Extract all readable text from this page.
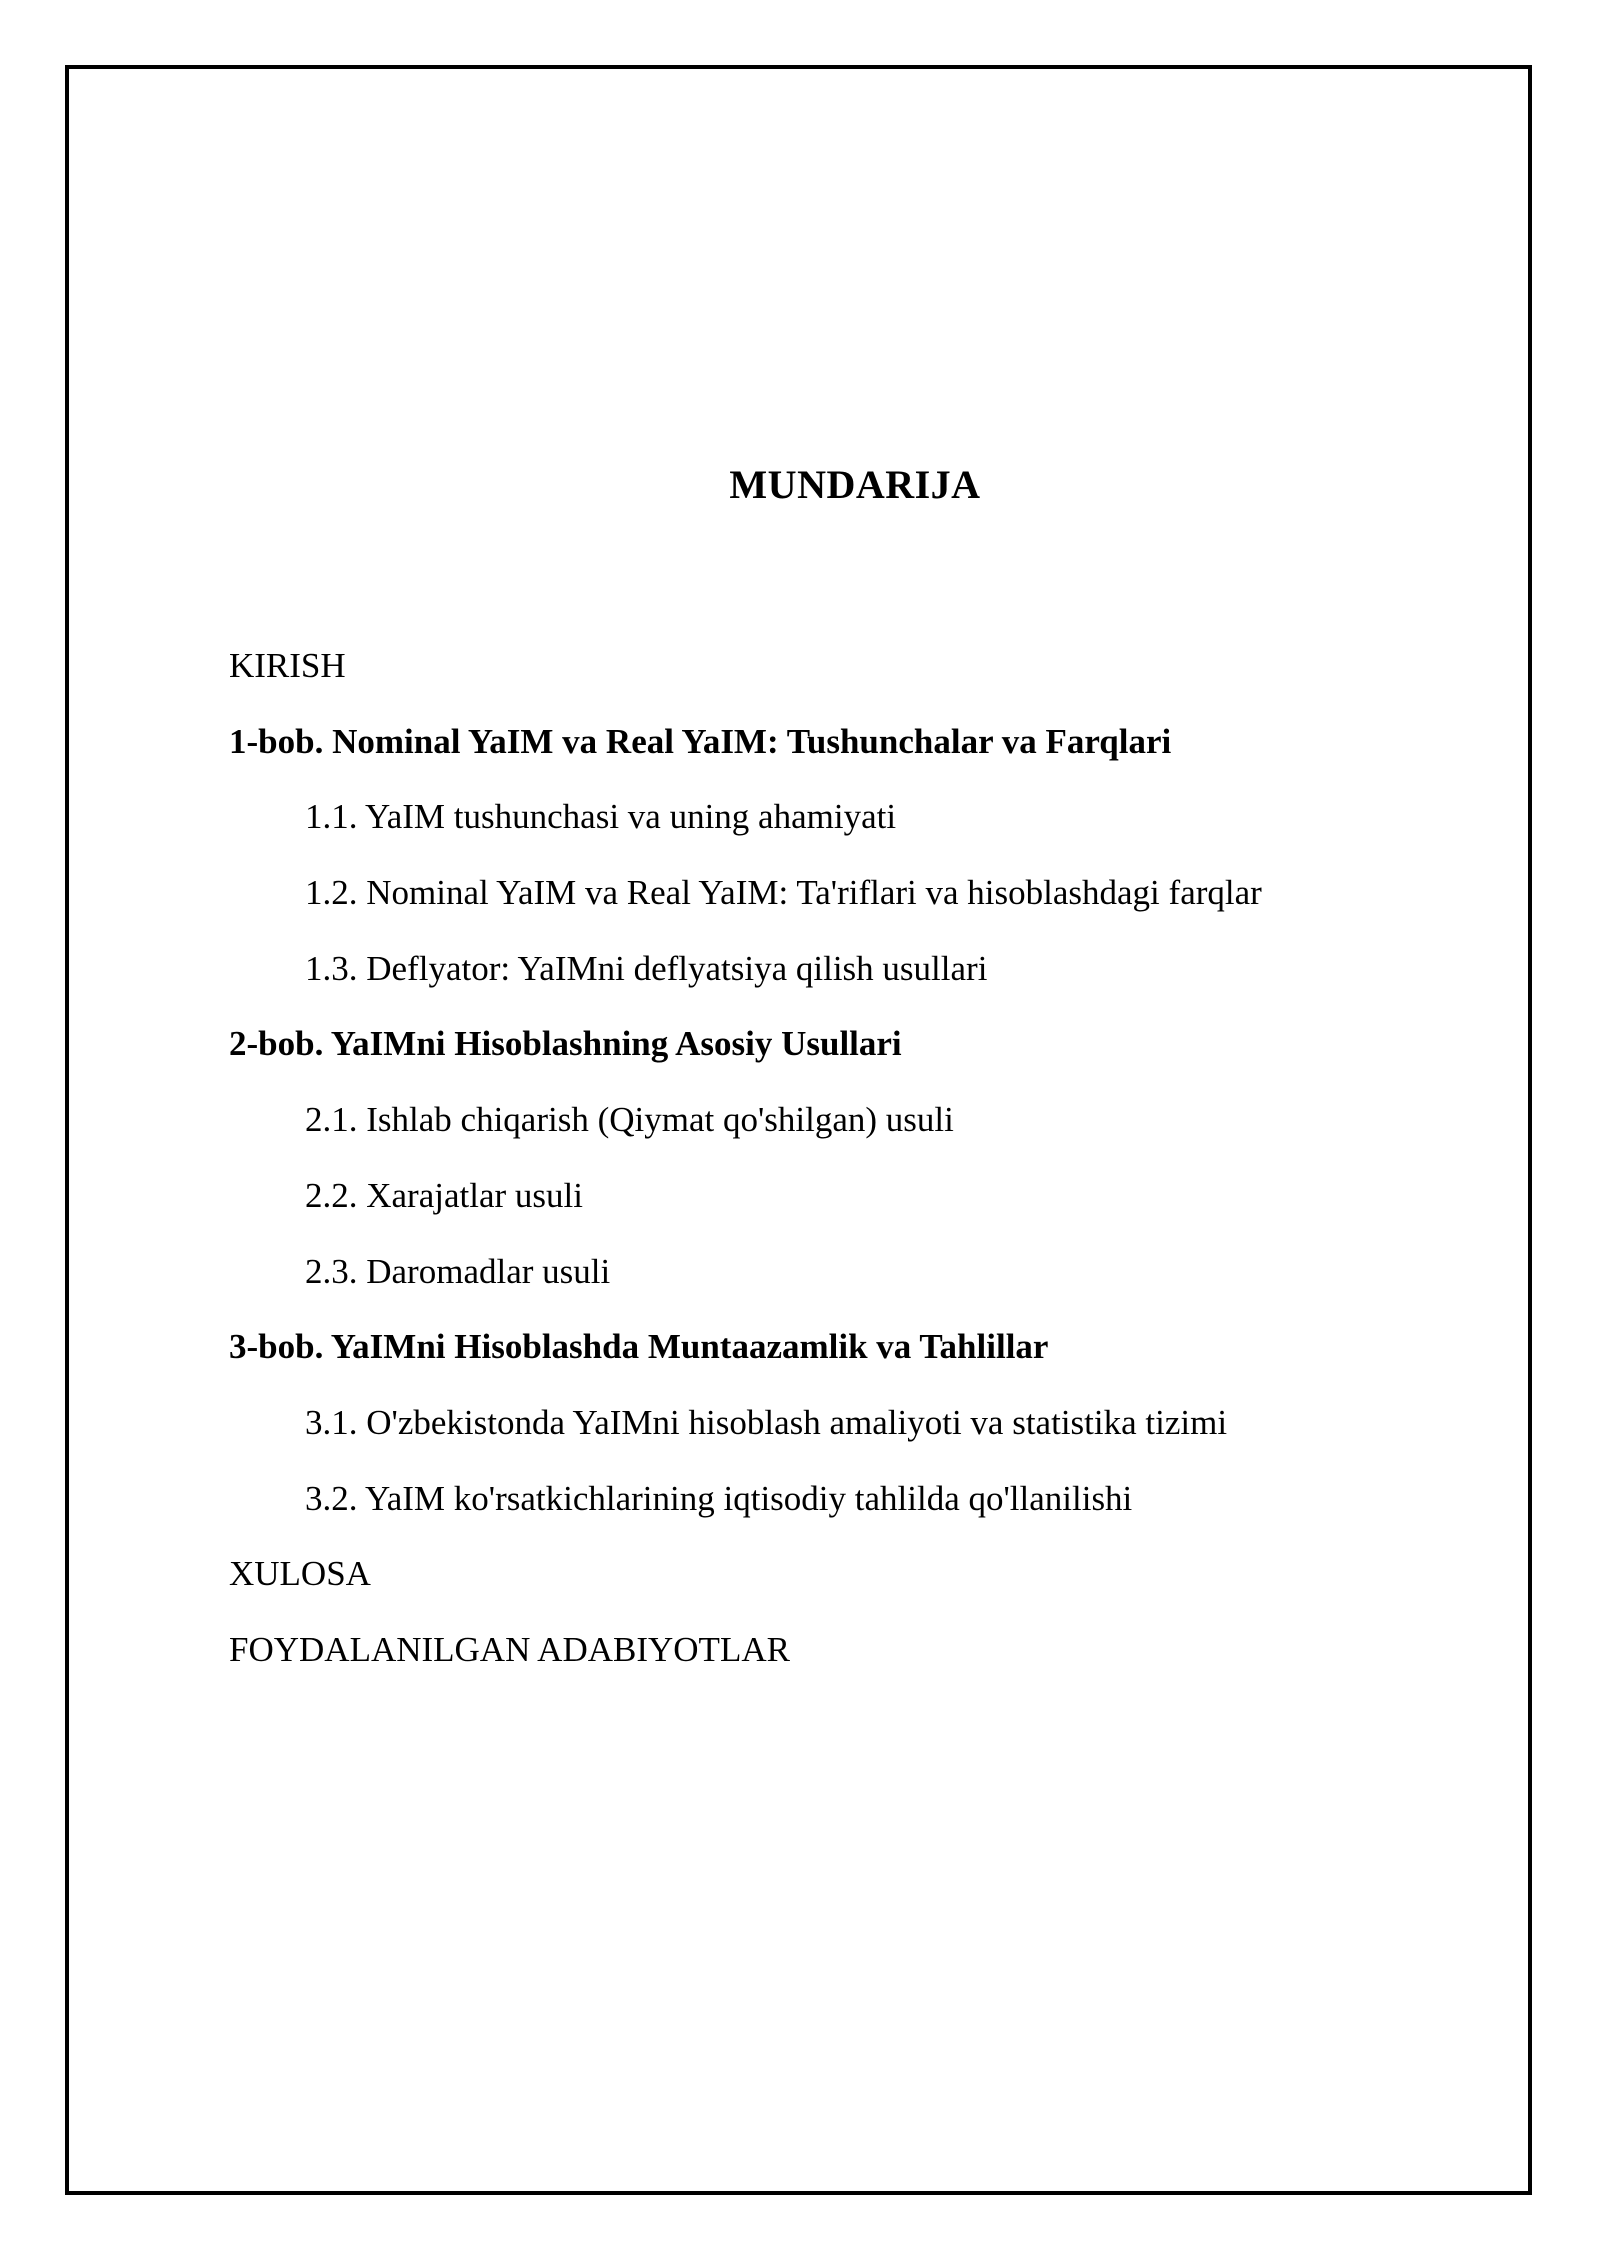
MUNDARIJA
KIRISH
1-bob. Nominal YaIM va Real YaIM: Tushunchalar va Farqlari
1.1. YaIM tushunchasi va uning ahamiyati
1.2. Nominal YaIM va Real YaIM: Ta'riflari va hisoblashdagi farqlar
1.3. Deflyator: YaIMni deflyatsiya qilish usullari
2-bob. YaIMni Hisoblashning Asosiy Usullari
2.1. Ishlab chiqarish (Qiymat qo'shilgan) usuli
2.2. Xarajatlar usuli
2.3. Daromadlar usuli
3-bob. YaIMni Hisoblashda Muntaazamlik va Tahlillar
3.1. O'zbekistonda YaIMni hisoblash amaliyoti va statistika tizimi
3.2. YaIM ko'rsatkichlarining iqtisodiy tahlilda qo'llanilishi
XULOSA
FOYDALANILGAN ADABIYOTLAR
